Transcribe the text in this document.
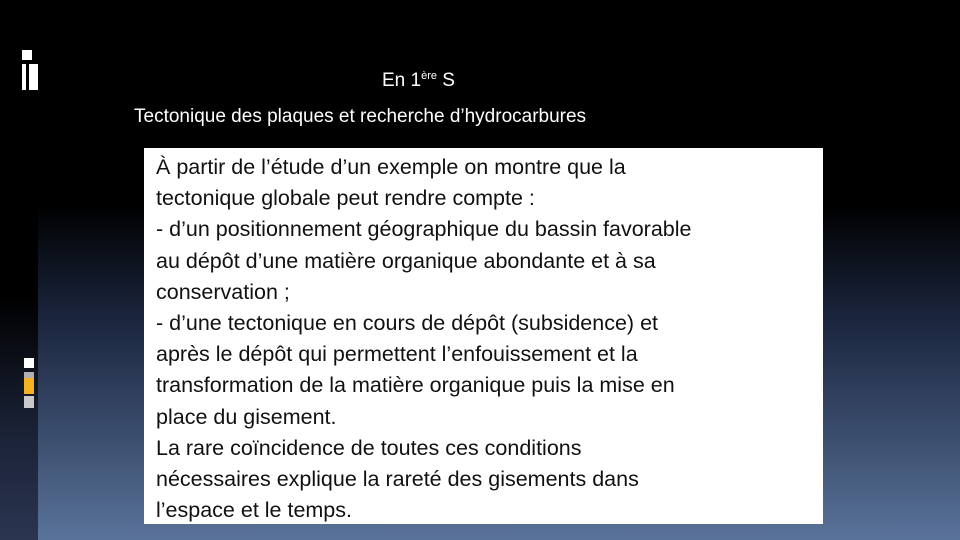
En 1ère S
Tectonique des plaques et recherche d’hydrocarbures
À partir de l’étude d’un exemple on montre que la
tectonique globale peut rendre compte :
- d’un positionnement géographique du bassin favorable
au dépôt d’une matière organique abondante et à sa
conservation ;
- d’une tectonique en cours de dépôt (subsidence) et
après le dépôt qui permettent l’enfouissement et la
transformation de la matière organique puis la mise en
place du gisement.
La rare coïncidence de toutes ces conditions
nécessaires explique la rareté des gisements dans
l’espace et le temps.
